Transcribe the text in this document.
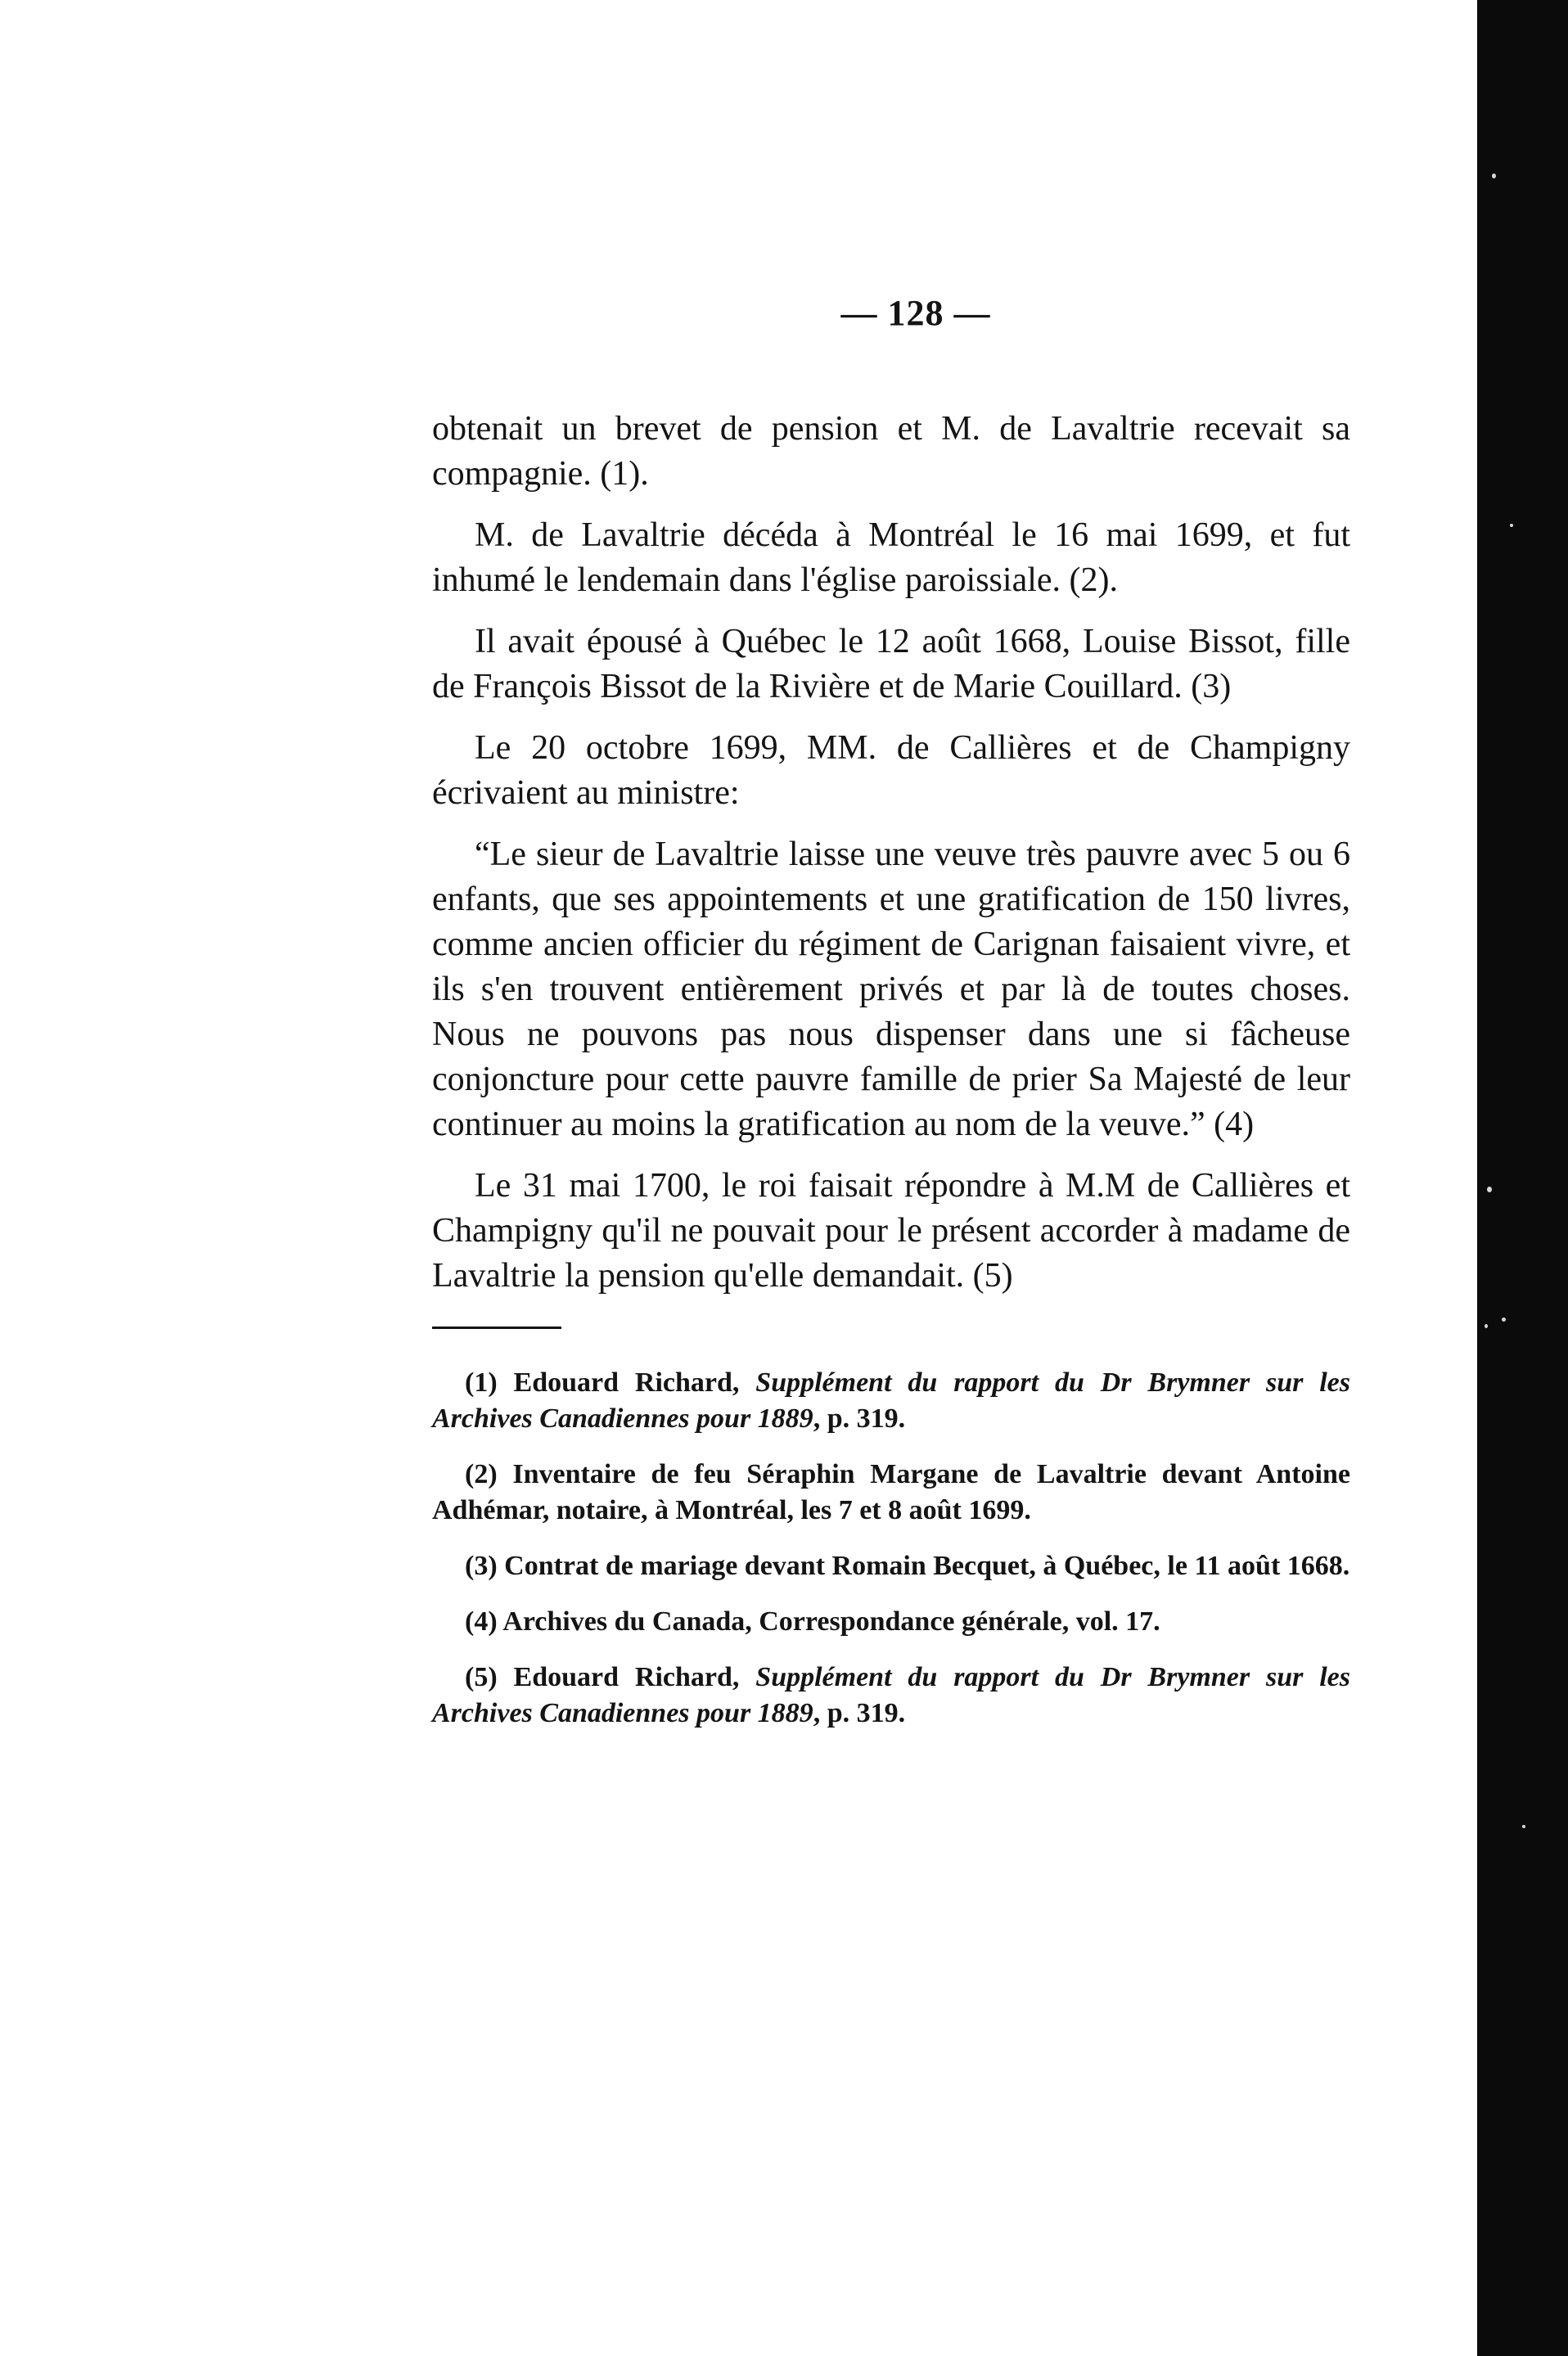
— 128 —

obtenait un brevet de pension et M. de Lavaltrie recevait sa compagnie. (1).

M. de Lavaltrie décéda à Montréal le 16 mai 1699, et fut inhumé le lendemain dans l'église paroissiale. (2).

Il avait épousé à Québec le 12 août 1668, Louise Bissot, fille de François Bissot de la Rivière et de Marie Couillard. (3)

Le 20 octobre 1699, MM. de Callières et de Champigny écrivaient au ministre:

“Le sieur de Lavaltrie laisse une veuve très pauvre avec 5 ou 6 enfants, que ses appointements et une gratification de 150 livres, comme ancien officier du régiment de Carignan faisaient vivre, et ils s'en trouvent entièrement privés et par là de toutes choses. Nous ne pouvons pas nous dispenser dans une si fâcheuse conjoncture pour cette pauvre famille de prier Sa Majesté de leur continuer au moins la gratification au nom de la veuve.” (4)

Le 31 mai 1700, le roi faisait répondre à M.M de Callières et Champigny qu'il ne pouvait pour le présent accorder à madame de Lavaltrie la pension qu'elle demandait. (5)

(1) Edouard Richard, Supplément du rapport du Dr Brymner sur les Archives Canadiennes pour 1889, p. 319.

(2) Inventaire de feu Séraphin Margane de Lavaltrie devant Antoine Adhémar, notaire, à Montréal, les 7 et 8 août 1699.

(3) Contrat de mariage devant Romain Becquet, à Québec, le 11 août 1668.

(4) Archives du Canada, Correspondance générale, vol. 17.

(5) Edouard Richard, Supplément du rapport du Dr Brymner sur les Archives Canadiennes pour 1889, p. 319.
